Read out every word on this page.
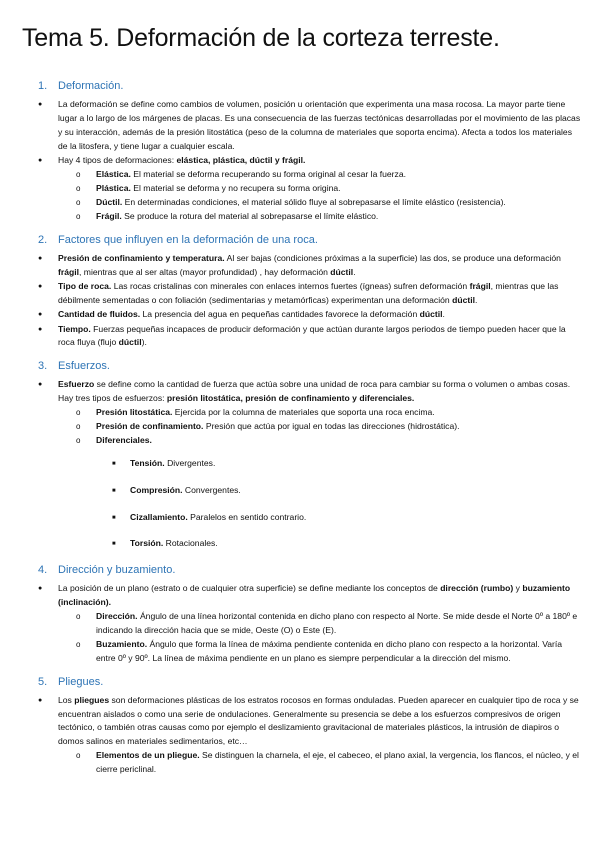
Tema 5. Deformación de la corteza terreste.
1. Deformación.
●
La deformación se define como cambios de volumen, posición u orientación que experimenta una masa rocosa. La mayor parte tiene lugar a lo largo de los márgenes de placas. Es una consecuencia de las fuerzas tectónicas desarrolladas por el movimiento de las placas y su interacción, además de la presión litostática (peso de la columna de materiales que soporta encima). Afecta a todos los materiales de la litosfera, y tiene lugar a cualquier escala.
●
Hay 4 tipos de deformaciones: elástica, plástica, dúctil y frágil.
o
Elástica. El material se deforma recuperando su forma original al cesar la fuerza.
o
Plástica. El material se deforma y no recupera su forma origina.
o
Dúctil. En determinadas condiciones, el material sólido fluye al sobrepasarse el límite elástico (resistencia).
o
Frágil. Se produce la rotura del material al sobrepasarse el límite elástico.
2. Factores que influyen en la deformación de una roca.
●
Presión de confinamiento y temperatura. Al ser bajas (condiciones próximas a la superficie) las dos, se produce una deformación frágil, mientras que al ser altas (mayor profundidad) , hay deformación dúctil.
●
Tipo de roca. Las rocas cristalinas con minerales con enlaces internos fuertes (ígneas) sufren deformación frágil, mientras que las débilmente sementadas o con foliación (sedimentarias y metamórficas) experimentan una deformación dúctil.
●
Cantidad de fluidos. La presencia del agua en pequeñas cantidades favorece la deformación dúctil.
●
Tiempo. Fuerzas pequeñas incapaces de producir deformación y que actúan durante largos periodos de tiempo pueden hacer que la roca fluya (flujo dúctil).
3. Esfuerzos.
●
Esfuerzo se define como la cantidad de fuerza que actúa sobre una unidad de roca para cambiar su forma o volumen o ambas cosas. Hay tres tipos de esfuerzos: presión litostática, presión de confinamiento y diferenciales.
o
Presión litostática. Ejercida por la columna de materiales que soporta una roca encima.
o
Presión de confinamiento. Presión que actúa por igual en todas las direcciones (hidrostática).
o
Diferenciales.
■
Tensión. Divergentes.
■
Compresión. Convergentes.
■
Cizallamiento. Paralelos en sentido contrario.
■
Torsión. Rotacionales.
4. Dirección y buzamiento.
●
La posición de un plano (estrato o de cualquier otra superficie) se define mediante los conceptos de dirección (rumbo) y buzamiento (inclinación).
o
Dirección. Ángulo de una línea horizontal contenida en dicho plano con respecto al Norte. Se mide desde el Norte 0º a 180º e indicando la dirección hacia que se mide, Oeste (O) o Este (E).
o
Buzamiento. Ángulo que forma la línea de máxima pendiente contenida en dicho plano con respecto a la horizontal. Varía entre 0º y 90º. La línea de máxima pendiente en un plano es siempre perpendicular a la dirección del mismo.
5. Pliegues.
●
Los pliegues son deformaciones plásticas de los estratos rocosos en formas onduladas. Pueden aparecer en cualquier tipo de roca y se encuentran aislados o como una serie de ondulaciones. Generalmente su presencia se debe a los esfuerzos compresivos de origen tectónico, o también otras causas como por ejemplo el deslizamiento gravitacional de materiales plásticos, la intrusión de diapiros o domos salinos en materiales sedimentarios, etc…
o
Elementos de un pliegue. Se distinguen la charnela, el eje, el cabeceo, el plano axial, la vergencia, los flancos, el núcleo, y el cierre periclinal.
